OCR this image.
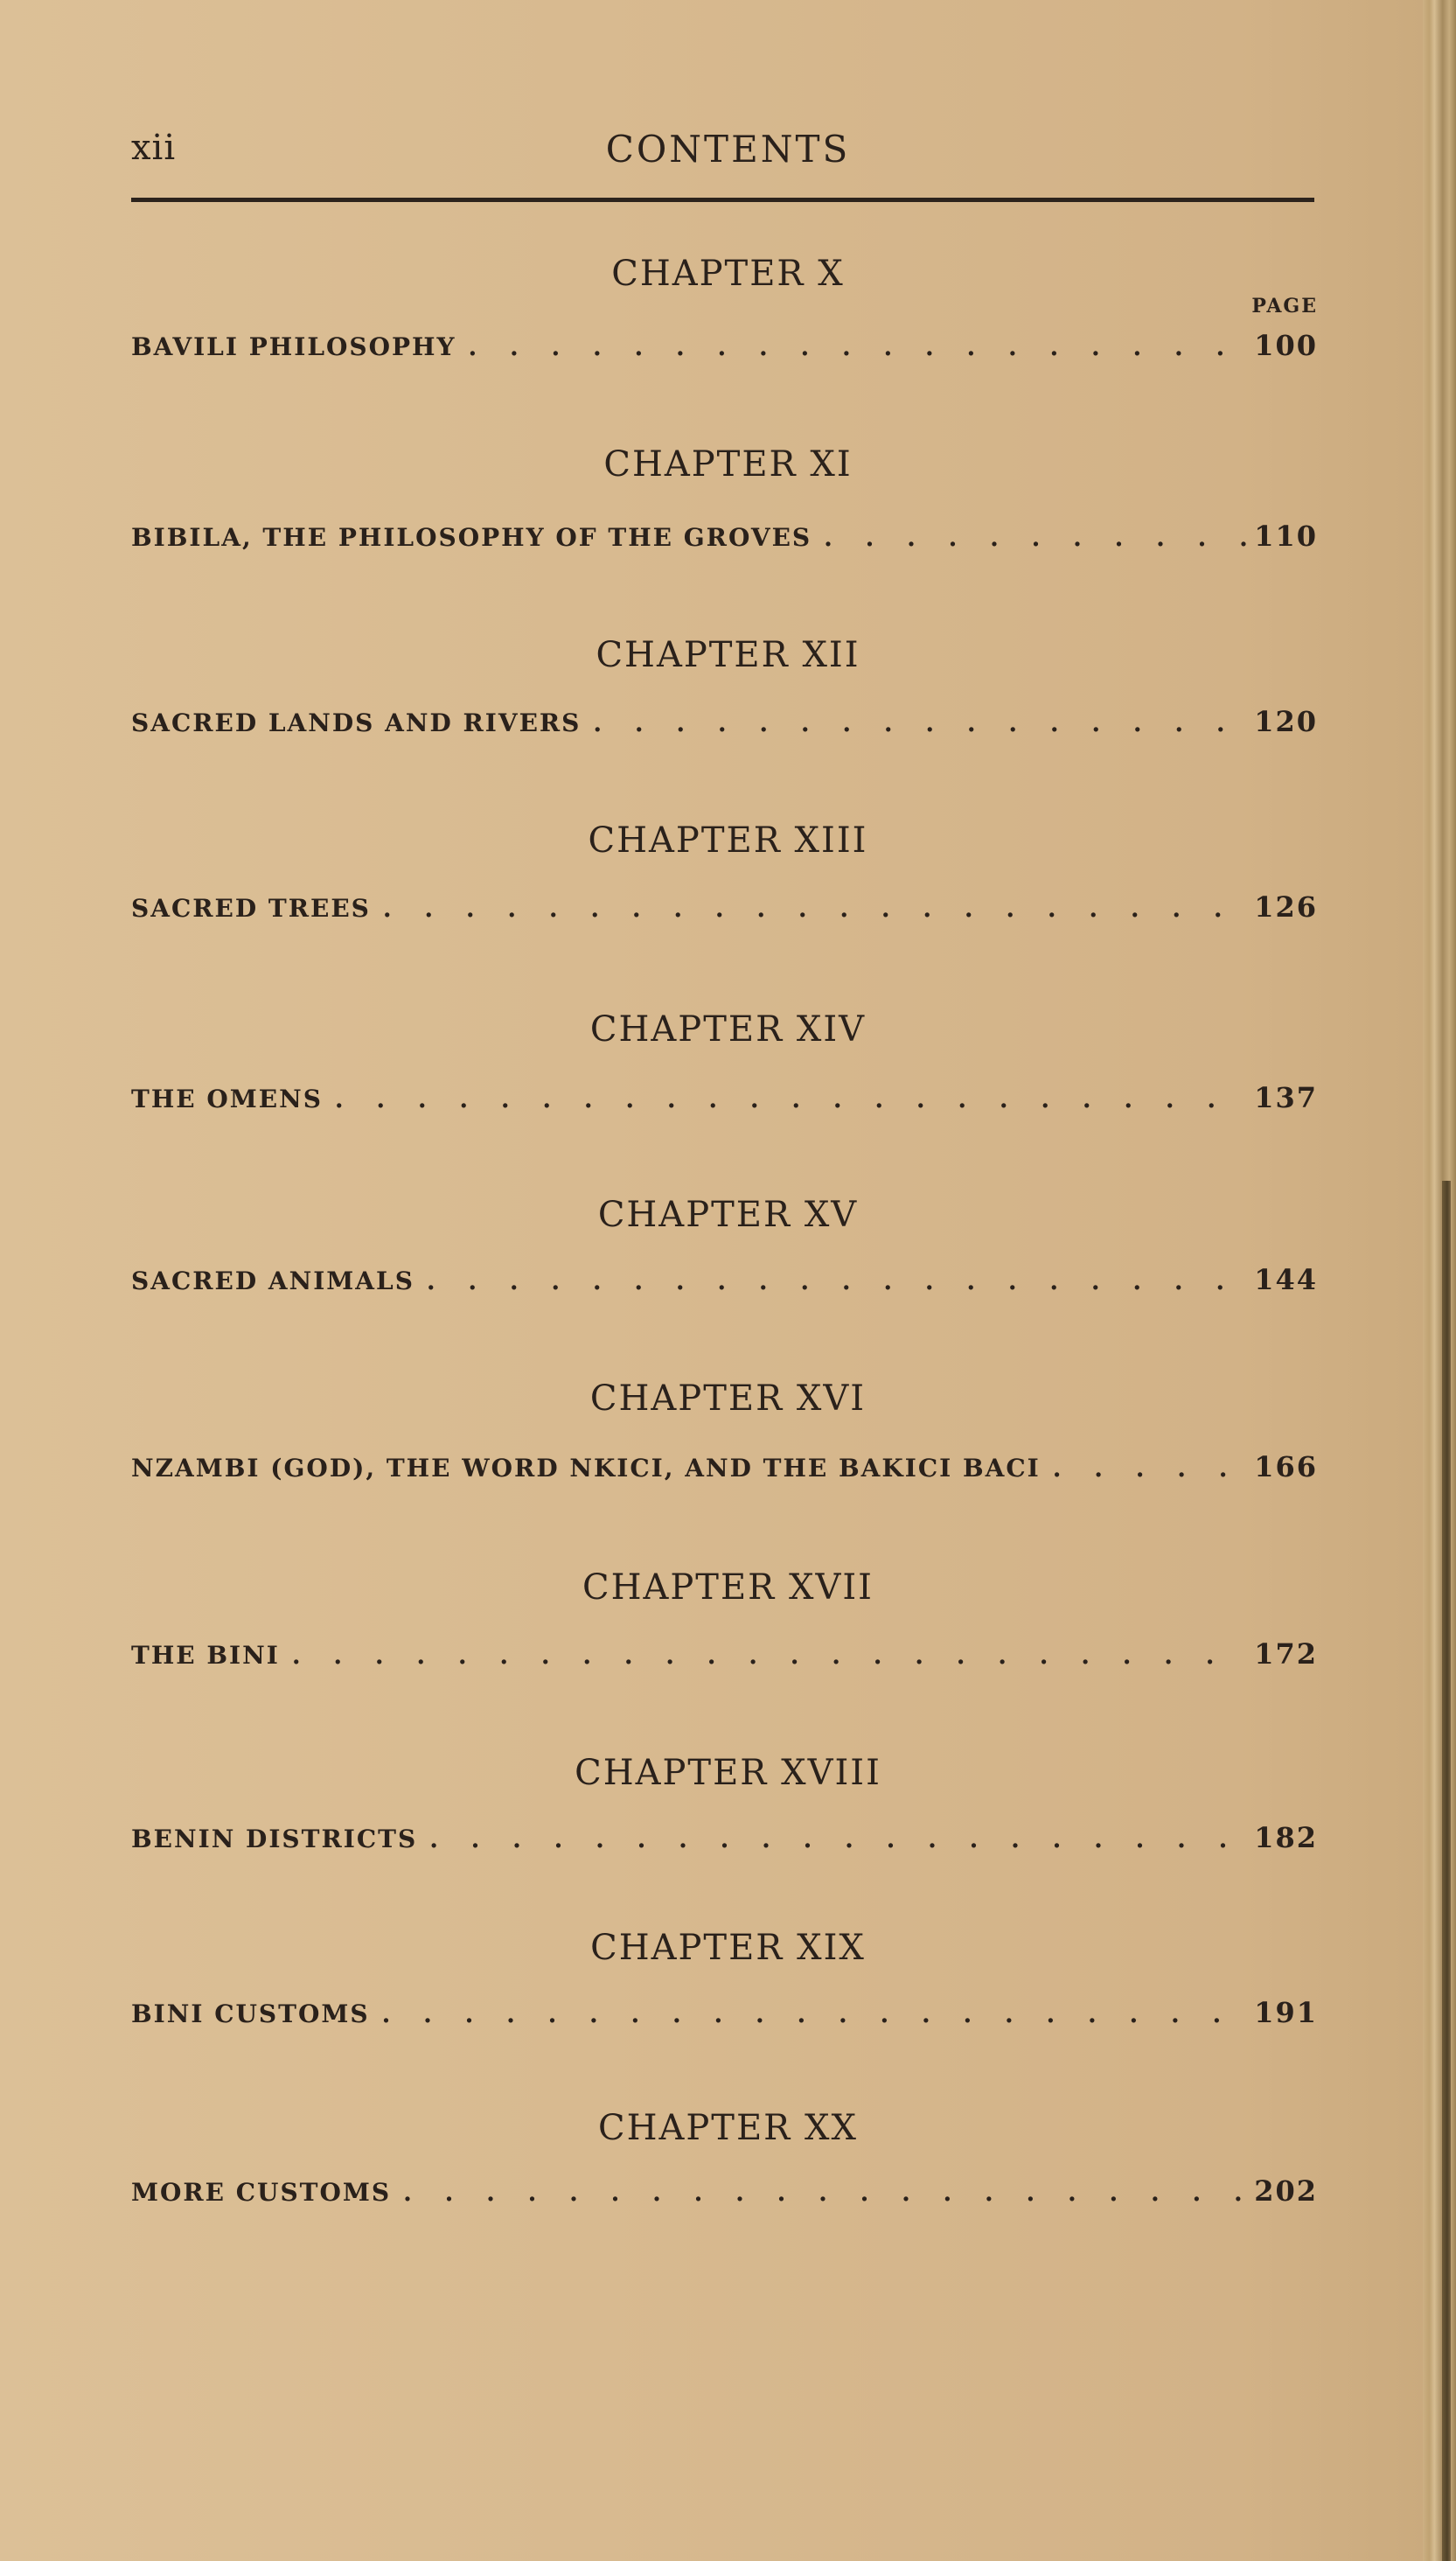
xii	CONTENTS
PAGE
CHAPTER X
BAVILI PHILOSOPHY . . .	100
CHAPTER XI
BIBILA, THE PHILOSOPHY OF THE GROVES . . .	110
CHAPTER XII
SACRED LANDS AND RIVERS . . .	120
CHAPTER XIII
SACRED TREES . . .	126
CHAPTER XIV
THE OMENS . . .	137
CHAPTER XV
SACRED ANIMALS . . .	144
CHAPTER XVI
NZAMBI (GOD), THE WORD NKICI, AND THE BAKICI BACI . . .	166
CHAPTER XVII
THE BINI . . .	172
CHAPTER XVIII
BENIN DISTRICTS . . .	182
CHAPTER XIX
BINI CUSTOMS . . .	191
CHAPTER XX
MORE CUSTOMS . . .	202
